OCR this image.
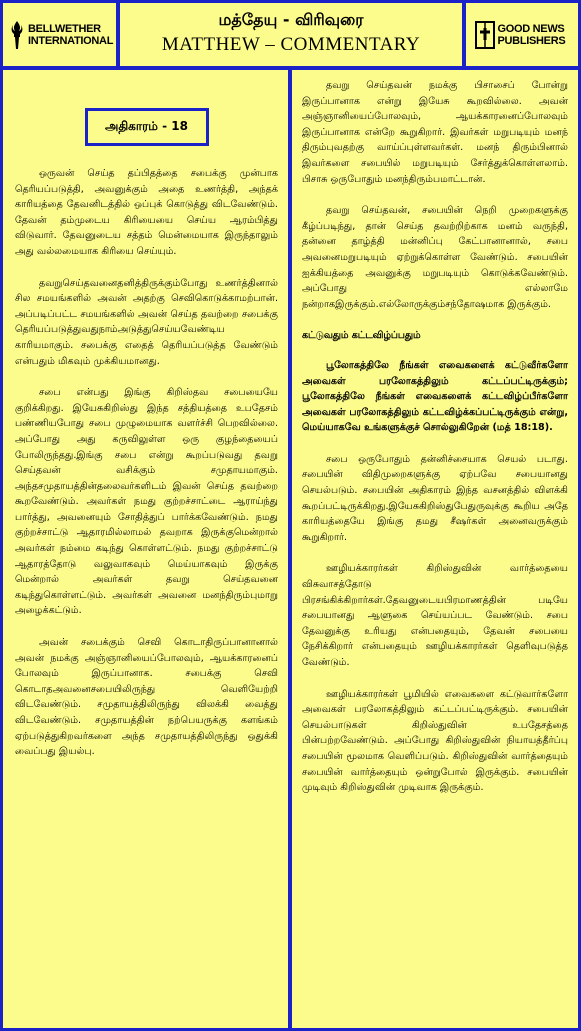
BELLWETHER INTERNATIONAL
மத்தேயு - விரிவுரை
MATTHEW – COMMENTARY
GOOD NEWS PUBLISHERS
அதிகாரம் - 18

ஒருவன் செய்த தப்பிதத்தை சபைக்கு முன்பாக தெரியப்படுத்தி, அவனுக்கும் அதை உணர்த்தி, அந்தக் காரியத்தை தேவனிடத்தில் ஒப்புக் கொடுத்து விடவேண்டும். தேவன் தம்முடைய கிரியையை செய்ய ஆரம்பித்து விடுவார். தேவனுடைய சத்தம் மென்மையாக இருந்தாலும் அது வல்லமையாக கிரியை செய்யும்.

தவறுசெய்தவனைதனித்திருக்கும்போது உணர்த்தினால் சில சமயங்களில் அவன் அதற்கு செவிகொடுக்காமற்பான். அப்படிப்பட்ட சமயங்களில் அவன் செய்த தவற்றை சபைக்கு தெரியப்படுத்துவதுநாம்அடுத்துசெய்யவேண்டிய காரியமாகும். சபைக்கு எதைத் தெரியப்படுத்த வேண்டும் என்பதும் மிகவும் முக்கியமானது.

சபை என்பது இங்கு கிறிஸ்தவ சபையையே குறிக்கிறது. இயேசுகிறிஸ்து இந்த சத்தியத்தை உபதேசம் பண்ணியபோது சபை முழுமையாக வளர்ச்சி பெறவில்லை. அப்போது அது கருவிலுள்ள ஒரு குழந்தையைப் போலிருந்தது.இங்கு சபை என்று கூறப்படுவது தவறு செய்தவன் வசிக்கும் சமுதாயமாகும். அந்தசமுதாயத்தின்தலைவர்களிடம் இவன் செய்த தவற்றை கூறவேண்டும். அவர்கள் நமது குற்றச்சாட்டை ஆராய்ந்து பார்த்து, அவனையும் சோதித்துப் பார்க்கவேண்டும். நமது குற்றச்சாட்டு ஆதாரமில்லாமல் தவறாக இருக்குமென்றால் அவர்கள் நம்மை கடிந்து கொள்ளட்டும். நமது குற்றச்சாட்டு ஆதாரத்தோடு வலுவாகவும் மெய்யாகவும் இருக்கு மென்றால் அவர்கள் தவறு செய்தவனை கடிந்துகொள்ளட்டும். அவர்கள் அவனை மனந்திரும்புமாறு அழைக்கட்டும்.

அவன் சபைக்கும் செவி கொடாதிருப்பானானால் அவன் நமக்கு அஞ்ஞானியைப்போலவும், ஆயக்காரனைப் போலவும் இருப்பானாக. சபைக்கு செவி கொடாதஅவனைசபையிலிருந்து வெளியேற்றி விடவேண்டும். சமுதாயத்திலிருந்து விலக்கி வைத்து விடவேண்டும். சமுதாயத்தின் நற்பெயருக்கு களங்கம் ஏற்படுத்துகிறவர்களை அந்த சமுதாயத்திலிருந்து ஒதுக்கி வைப்பது இயல்பு.

தவறு செய்தவன் நமக்கு பிசாசைப் போன்று இருப்பானாக என்று இயேசு கூறவில்லை. அவன் அஞ்ஞானியைப்போலவும், ஆயக்காரனைப்போலவும் இருப்பானாக என்றே கூறுகிறார். இவர்கள் மறுபடியும் மனந் திரும்புவதற்கு வாய்ப்புள்ளவர்கள். மனந் திரும்பினால் இவர்களை சபையில் மறுபடியும் சேர்த்துக்கொள்ளலாம். பிசாசு ஒருபோதும் மனந்திரும்பமாட்டான்.

தவறு செய்தவன், சபையின் நெறி முறைகளுக்கு கீழ்ப்படிந்து, தான் செய்த தவற்றிற்காக மனம் வருந்தி, தன்னை தாழ்த்தி மன்னிப்பு கேட்பானானால், சபை அவனைமறுபடியும் ஏற்றுக்கொள்ள வேண்டும். சபையின் ஐக்கியத்தை அவனுக்கு மறுபடியும் கொடுக்கவேண்டும். அப்போது எல்லாமே நன்றாகஇருக்கும்.எல்லோருக்கும்சந்தோஷமாக இருக்கும்.

கட்டுவதும் கட்டவிழ்ப்பதும்

பூலோகத்திலே நீங்கள் எவைகளைக் கட்டுவீர்களோ அவைகள் பரலோகத்திலும் கட்டப்பட்டிருக்கும்; பூலோகத்திலே நீங்கள் எவைகளைக் கட்டவிழ்ப்பீர்களோ அவைகள் பரலோகத்திலும் கட்டவிழ்க்கப்பட்டிருக்கும் என்று, மெய்யாகவே உங்களுக்குச் சொல்லுகிறேன் (மத் 18:18).

சபை ஒருபோதும் தன்னிச்சையாக செயல் படாது. சபையின் விதிமுறைகளுக்கு ஏற்பவே சபையானது செயல்படும். சபையின் அதிகாரம் இந்த வசனத்தில் விளக்கி கூறப்பட்டிருக்கிறது.இயேசுகிறிஸ்துபேதுருவுக்கு கூறிய அதே காரியத்தையே இங்கு தமது சீஷர்கள் அனைவருக்கும் கூறுகிறார்.

ஊழியக்காரர்கள் கிறிஸ்துவின் வார்த்தையை விசுவாசத்தோடு பிரசங்கிக்கிறார்கள்.தேவனுடையபிரமாணத்தின் படியே சபையானது ஆளுகை செய்யப்பட வேண்டும். சபை தேவனுக்கு உரியது என்பதையும், தேவன் சபையை நேசிக்கிறார் என்பதையும் ஊழியக்காரர்கள் தெளிவுபடுத்த வேண்டும்.

ஊழியக்காரர்கள் பூமியில் எவைகளை கட்டுவார்களோ அவைகள் பரலோகத்திலும் கட்டப்பட்டிருக்கும். சபையின் செயல்பாடுகள் கிறிஸ்துவின் உபதேசத்தை பின்பற்றவேண்டும். அப்போது கிறிஸ்துவின் நியாயத்தீர்ப்பு சபையின் மூலமாக வெளிப்படும். கிறிஸ்துவின் வார்த்தையும் சபையின் வார்த்தையும் ஒன்றுபோல் இருக்கும். சபையின் முடிவும் கிறிஸ்துவின் முடிவாக இருக்கும்.
